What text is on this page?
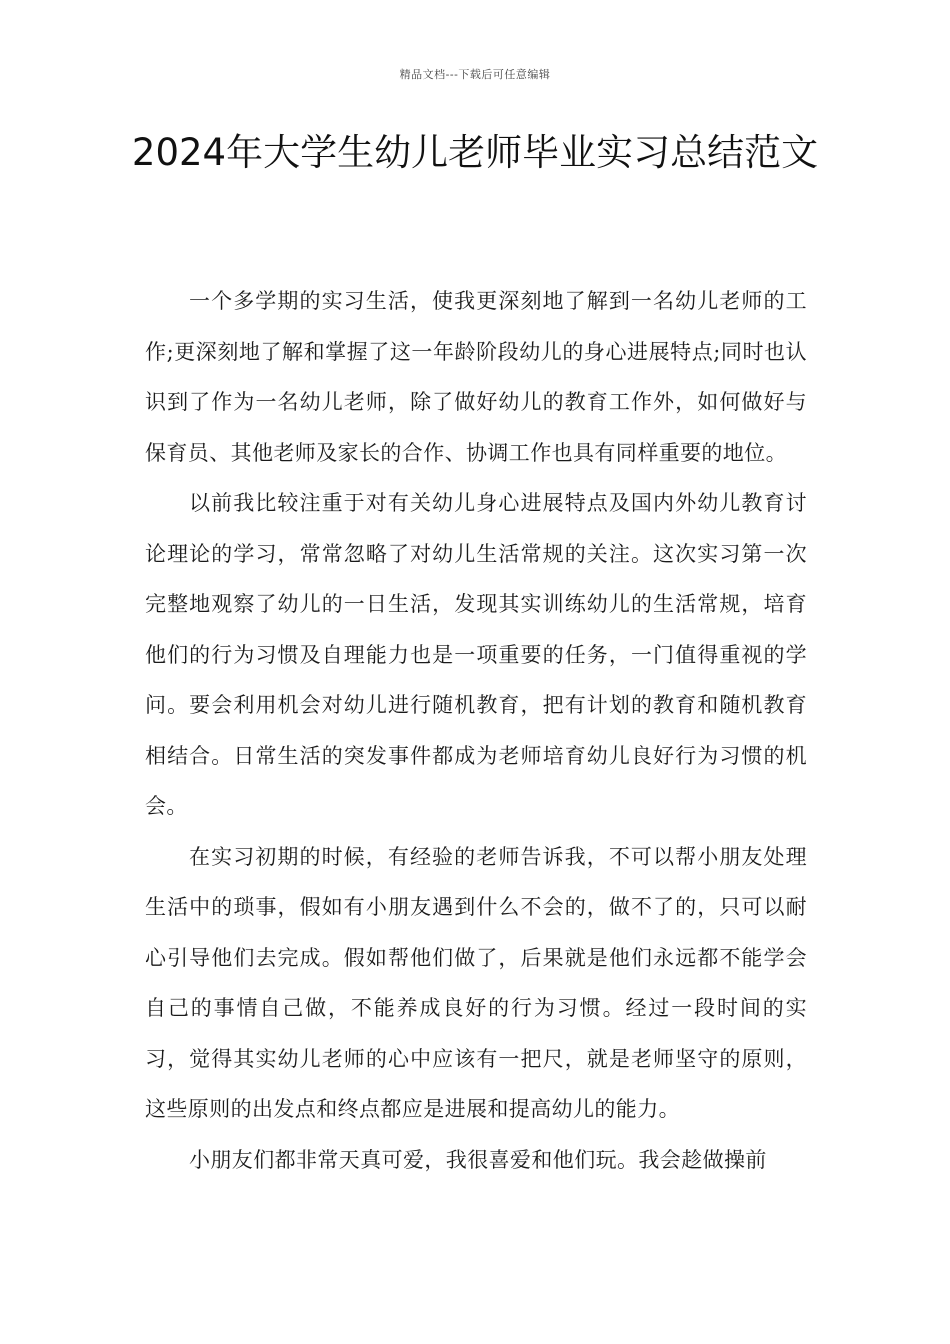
精品文档---下载后可任意编辑
2024年大学生幼儿老师毕业实习总结范文

一个多学期的实习生活，使我更深刻地了解到一名幼儿老师的工作;更深刻地了解和掌握了这一年龄阶段幼儿的身心进展特点;同时也认识到了作为一名幼儿老师，除了做好幼儿的教育工作外，如何做好与保育员、其他老师及家长的合作、协调工作也具有同样重要的地位。

以前我比较注重于对有关幼儿身心进展特点及国内外幼儿教育讨论理论的学习，常常忽略了对幼儿生活常规的关注。这次实习第一次完整地观察了幼儿的一日生活，发现其实训练幼儿的生活常规，培育他们的行为习惯及自理能力也是一项重要的任务，一门值得重视的学问。要会利用机会对幼儿进行随机教育，把有计划的教育和随机教育相结合。日常生活的突发事件都成为老师培育幼儿良好行为习惯的机会。

在实习初期的时候，有经验的老师告诉我，不可以帮小朋友处理生活中的琐事，假如有小朋友遇到什么不会的，做不了的，只可以耐心引导他们去完成。假如帮他们做了，后果就是他们永远都不能学会自己的事情自己做，不能养成良好的行为习惯。经过一段时间的实习，觉得其实幼儿老师的心中应该有一把尺，就是老师坚守的原则，这些原则的出发点和终点都应是进展和提高幼儿的能力。

小朋友们都非常天真可爱，我很喜爱和他们玩。我会趁做操前
